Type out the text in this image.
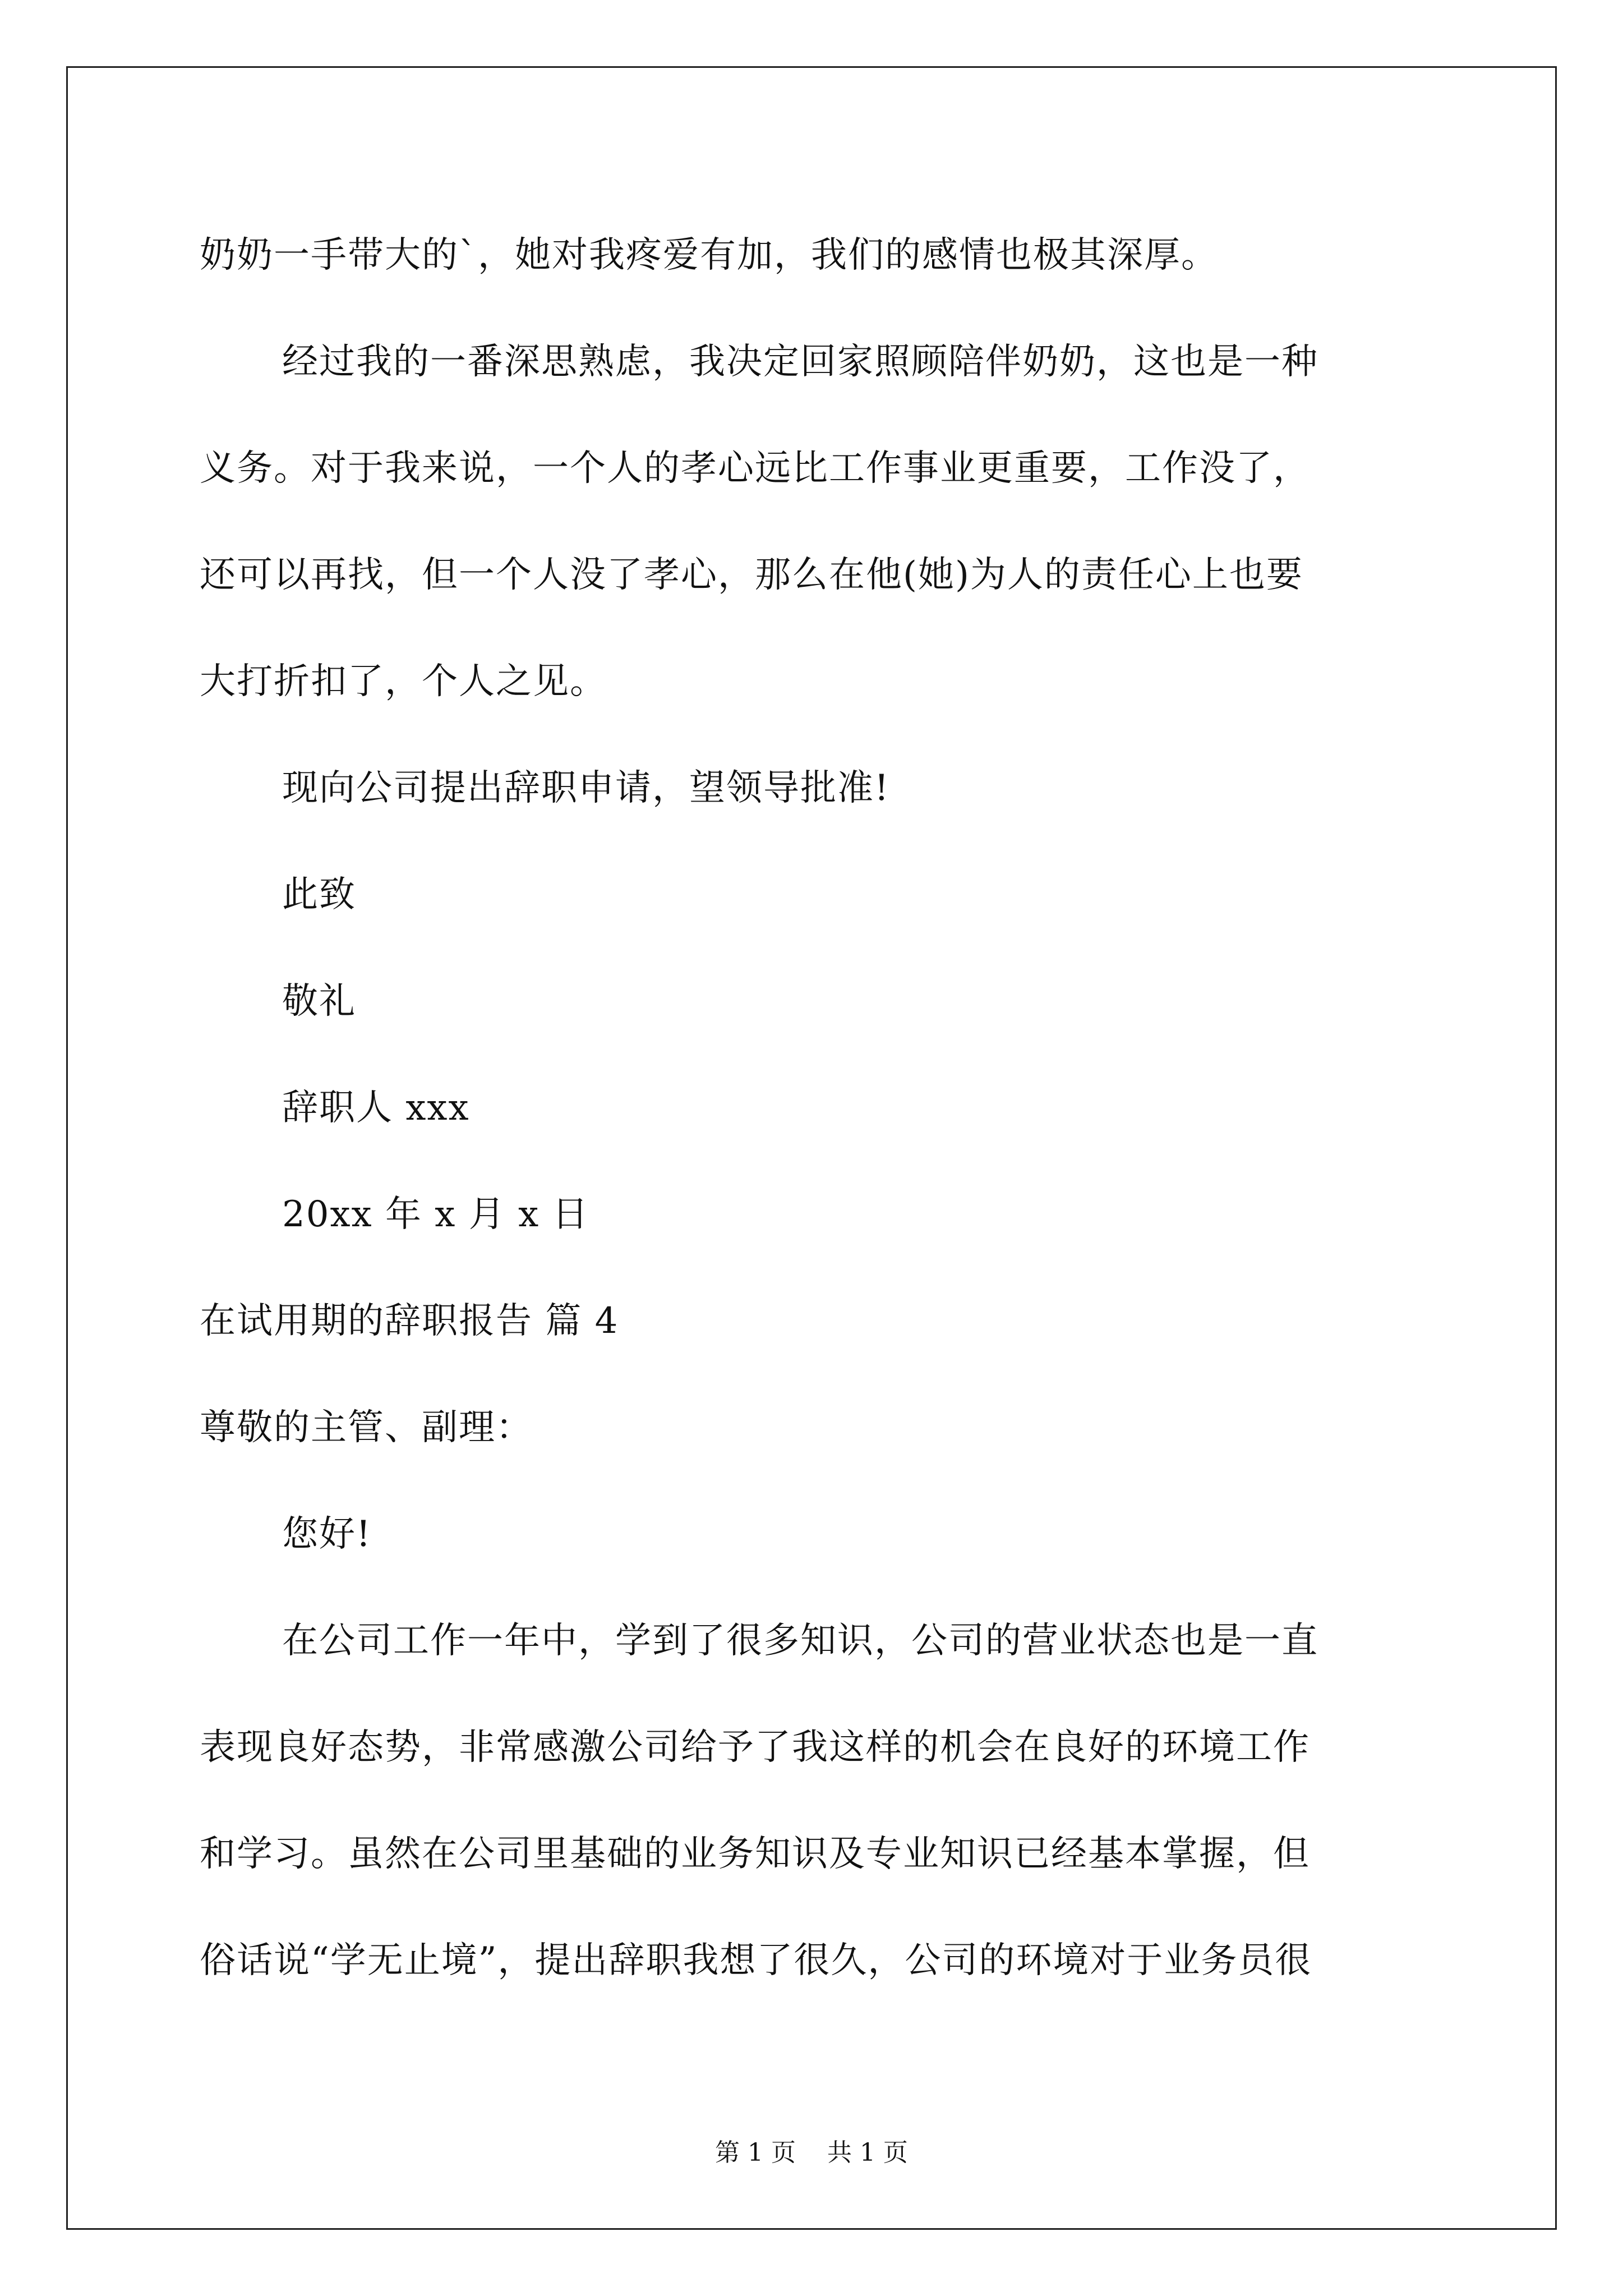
奶奶一手带大的`，她对我疼爱有加，我们的感情也极其深厚。
经过我的一番深思熟虑，我决定回家照顾陪伴奶奶，这也是一种
义务。对于我来说，一个人的孝心远比工作事业更重要，工作没了，
还可以再找，但一个人没了孝心，那么在他(她)为人的责任心上也要
大打折扣了，个人之见。
现向公司提出辞职申请，望领导批准!
此致
敬礼
辞职人 xxx
20xx 年 x 月 x 日
在试用期的辞职报告 篇 4
尊敬的主管、副理：
您好!
在公司工作一年中，学到了很多知识，公司的营业状态也是一直
表现良好态势，非常感激公司给予了我这样的机会在良好的环境工作
和学习。虽然在公司里基础的业务知识及专业知识已经基本掌握，但
俗话说“学无止境”，提出辞职我想了很久，公司的环境对于业务员很
第 1 页    共 1 页
